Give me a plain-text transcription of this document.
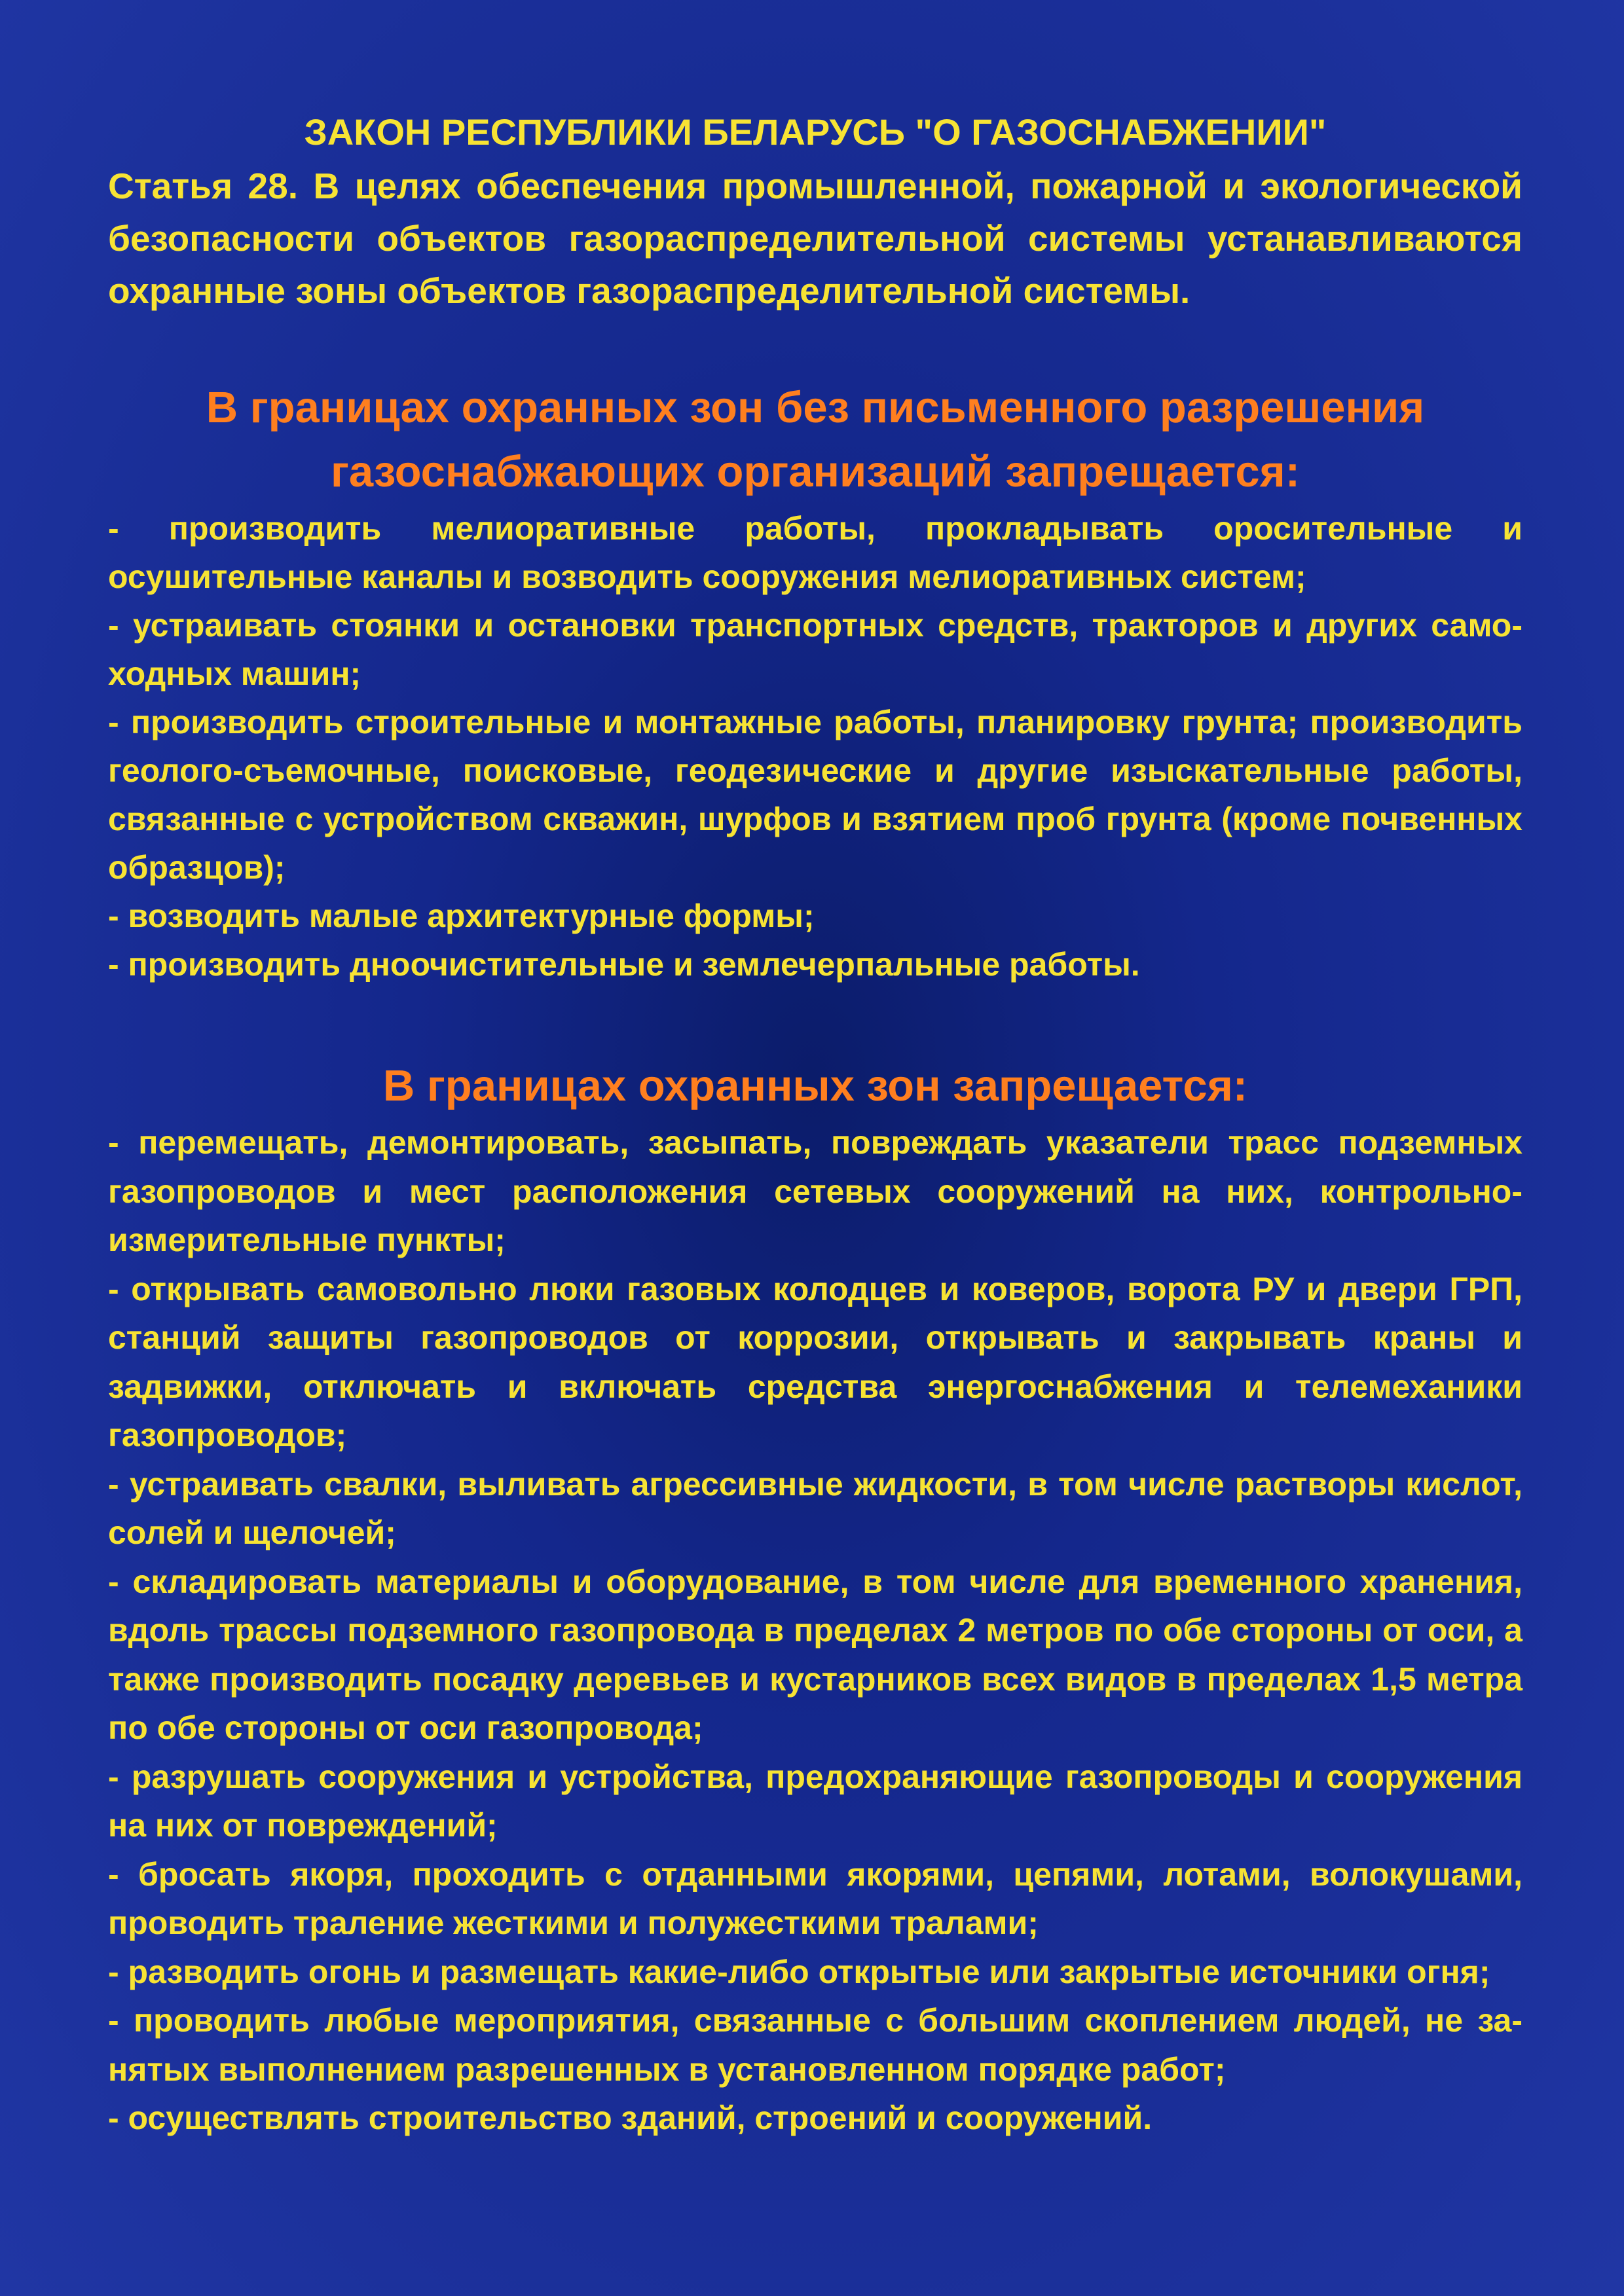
ЗАКОН РЕСПУБЛИКИ БЕЛАРУСЬ "О ГАЗОСНАБЖЕНИИ"

Статья 28. В целях обеспечения промышленной, пожарной и экологической безопасности объектов газораспределительной системы устанавливаются охранные зоны объектов газораспределительной системы.

В границах охранных зон без письменного разрешения
газоснабжающих организаций запрещается:
- производить мелиоративные работы, прокладывать оросительные и осушительные каналы и возводить сооружения мелиоративных систем;
- устраивать стоянки и остановки транспортных средств, тракторов и других самоходных машин;
- производить строительные и монтажные работы, планировку грунта; производить геолого-съемочные, поисковые, геодезические и другие изыскательные работы, связанные с устройством скважин, шурфов и взятием проб грунта (кроме почвенных образцов);
- возводить малые архитектурные формы;
- производить дноочистительные и землечерпальные работы.
В границах охранных зон запрещается:
- перемещать, демонтировать, засыпать, повреждать указатели трасс подземных газопроводов и мест расположения сетевых сооружений на них, контрольно-измерительные пункты;
- открывать самовольно люки газовых колодцев и коверов, ворота РУ и двери ГРП, станций защиты газопроводов от коррозии, открывать и закрывать краны и задвижки, отключать и включать средства энергоснабжения и телемеханики газопроводов;
- устраивать свалки, выливать агрессивные жидкости, в том числе растворы кислот, солей и щелочей;
- складировать материалы и оборудование, в том числе для временного хранения, вдоль трассы подземного газопровода в пределах 2 метров по обе стороны от оси, а также производить посадку деревьев и кустарников всех видов в пределах 1,5 метра по обе стороны от оси газопровода;
- разрушать сооружения и устройства, предохраняющие газопроводы и сооружения на них от повреждений;
- бросать якоря, проходить с отданными якорями, цепями, лотами, волокушами, проводить траление жесткими и полужесткими тралами;
- разводить огонь и размещать какие-либо открытые или закрытые источники огня;
- проводить любые мероприятия, связанные с большим скоплением людей, не занятых выполнением разрешенных в установленном порядке работ;
- осуществлять строительство зданий, строений и сооружений.
